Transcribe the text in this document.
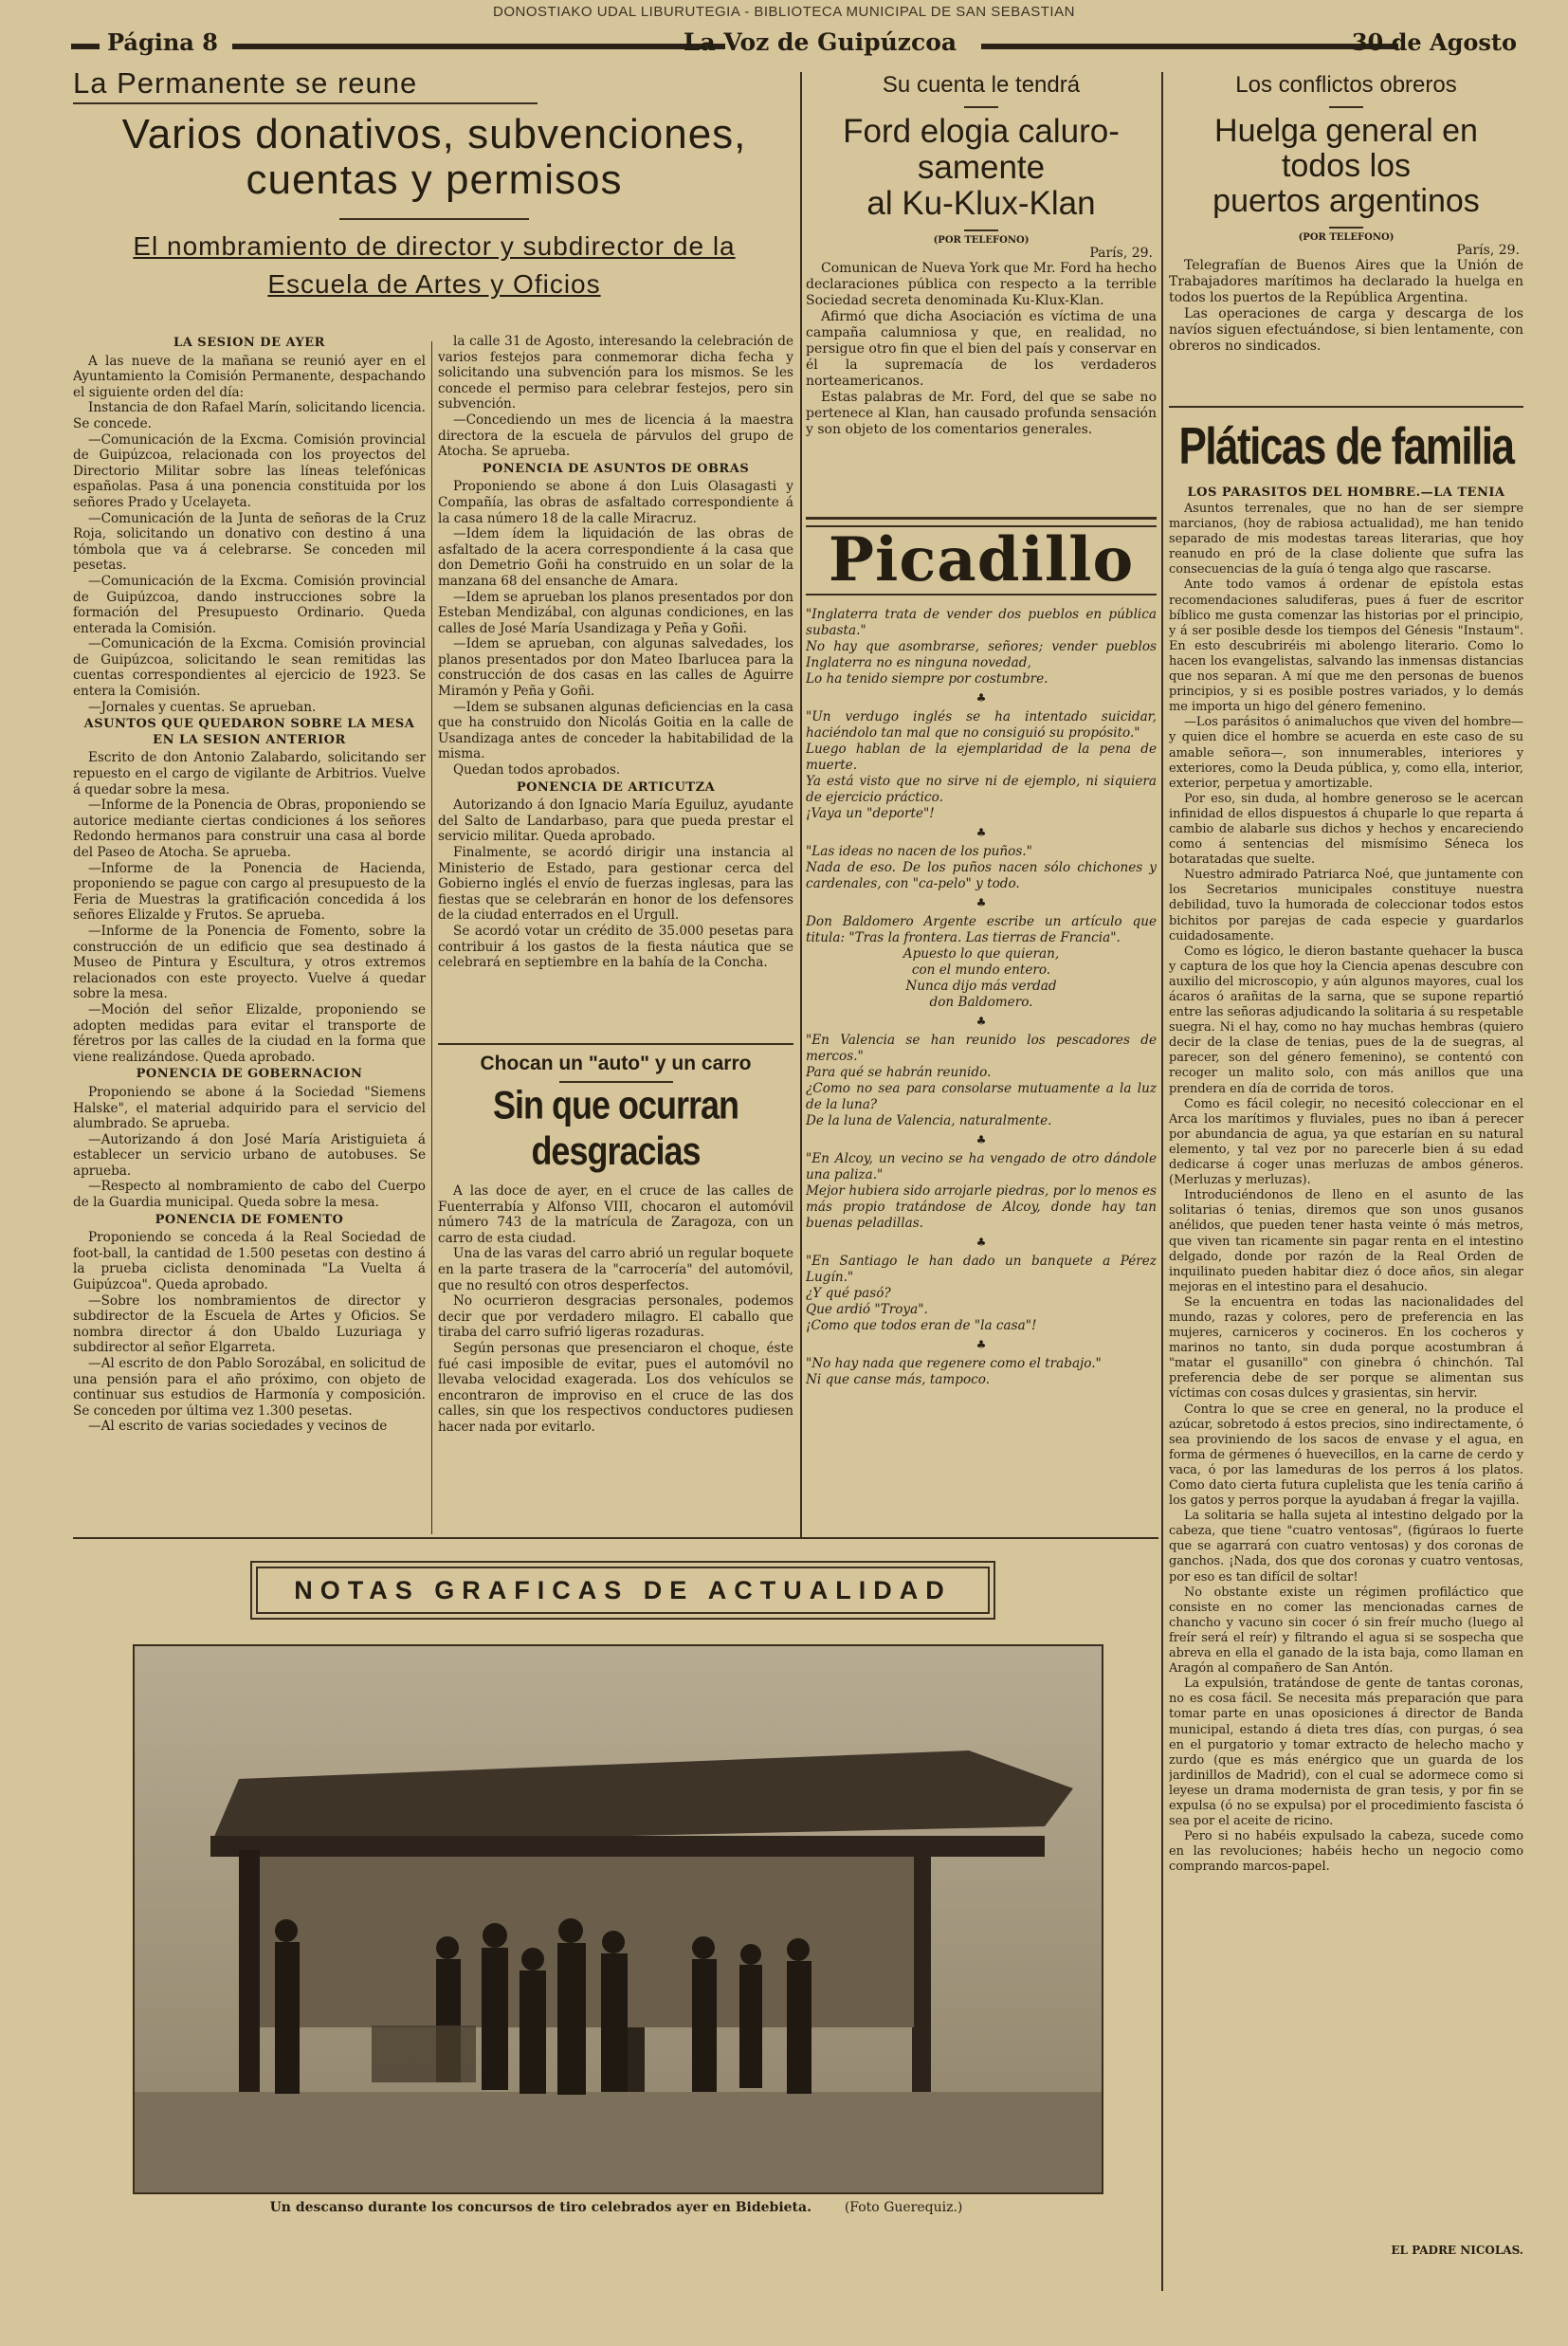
DONOSTIAKO UDAL LIBURUTEGIA - BIBLIOTECA MUNICIPAL DE SAN SEBASTIAN
Página 8	La Voz de Guipúzcoa	30 de Agosto
La Permanente se reune
Varios donativos, subvenciones,
cuentas y permisos
El nombramiento de director y subdirector de la
Escuela de Artes y Oficios
LA SESION DE AYER

A las nueve de la mañana se reunió ayer en el Ayuntamiento la Comisión Permanente, despachando el siguiente orden del día:

Instancia de don Rafael Marín, solicitando licencia. Se concede.

—Comunicación de la Excma. Comisión provincial de Guipúzcoa, relacionada con los proyectos del Directorio Militar sobre las líneas telefónicas españolas. Pasa á una ponencia constituida por los señores Prado y Ucelayeta.

—Comunicación de la Junta de señoras de la Cruz Roja, solicitando un donativo con destino á una tómbola que va á celebrarse. Se conceden mil pesetas.

—Comunicación de la Excma. Comisión provincial de Guipúzcoa, dando instrucciones sobre la formación del Presupuesto Ordinario. Queda enterada la Comisión.

—Comunicación de la Excma. Comisión provincial de Guipúzcoa, solicitando le sean remitidas las cuentas correspondientes al ejercicio de 1923. Se entera la Comisión.

—Jornales y cuentas. Se aprueban.

ASUNTOS QUE QUEDARON SOBRE LA MESA EN LA SESION ANTERIOR

Escrito de don Antonio Zalabardo, solicitando ser repuesto en el cargo de vigilante de Arbitrios. Vuelve á quedar sobre la mesa.

—Informe de la Ponencia de Obras, proponiendo se autorice mediante ciertas condiciones á los señores Redondo hermanos para construir una casa al borde del Paseo de Atocha. Se aprueba.

—Informe de la Ponencia de Hacienda, proponiendo se pague con cargo al presupuesto de la Feria de Muestras la gratificación concedida á los señores Elizalde y Frutos. Se aprueba.

—Informe de la Ponencia de Fomento, sobre la construcción de un edificio que sea destinado á Museo de Pintura y Escultura, y otros extremos relacionados con este proyecto. Vuelve á quedar sobre la mesa.

—Moción del señor Elizalde, proponiendo se adopten medidas para evitar el transporte de féretros por las calles de la ciudad en la forma que viene realizándose. Queda aprobado.

PONENCIA DE GOBERNACION

Proponiendo se abone á la Sociedad "Siemens Halske", el material adquirido para el servicio del alumbrado. Se aprueba.

—Autorizando á don José María Aristiguieta á establecer un servicio urbano de autobuses. Se aprueba.

—Respecto al nombramiento de cabo del Cuerpo de la Guardia municipal. Queda sobre la mesa.

PONENCIA DE FOMENTO

Proponiendo se conceda á la Real Sociedad de foot-ball, la cantidad de 1.500 pesetas con destino á la prueba ciclista denominada "La Vuelta á Guipúzcoa". Queda aprobado.

—Sobre los nombramientos de director y subdirector de la Escuela de Artes y Oficios. Se nombra director á don Ubaldo Luzuriaga y subdirector al señor Elgarreta.

—Al escrito de don Pablo Sorozábal, en solicitud de una pensión para el año próximo, con objeto de continuar sus estudios de Harmonía y composición. Se conceden por última vez 1.300 pesetas.

—Al escrito de varias sociedades y vecinos de

la calle 31 de Agosto, interesando la celebración de varios festejos para conmemorar dicha fecha y solicitando una subvención para los mismos. Se les concede el permiso para celebrar festejos, pero sin subvención.

—Concediendo un mes de licencia á la maestra directora de la escuela de párvulos del grupo de Atocha. Se aprueba.

PONENCIA DE ASUNTOS DE OBRAS

Proponiendo se abone á don Luis Olasagasti y Compañía, las obras de asfaltado correspondiente á la casa número 18 de la calle Miracruz.

—Idem ídem la liquidación de las obras de asfaltado de la acera correspondiente á la casa que don Demetrio Goñi ha construido en un solar de la manzana 68 del ensanche de Amara.

—Idem se aprueban los planos presentados por don Esteban Mendizábal, con algunas condiciones, en las calles de José María Usandizaga y Peña y Goñi.

—Idem se aprueban, con algunas salvedades, los planos presentados por don Mateo Ibarlucea para la construcción de dos casas en las calles de Aguirre Miramón y Peña y Goñi.

—Idem se subsanen algunas deficiencias en la casa que ha construido don Nicolás Goitia en la calle de Usandizaga antes de conceder la habitabilidad de la misma.

Quedan todos aprobados.

PONENCIA DE ARTICUTZA

Autorizando á don Ignacio María Eguiluz, ayudante del Salto de Landarbaso, para que pueda prestar el servicio militar. Queda aprobado.

Finalmente, se acordó dirigir una instancia al Ministerio de Estado, para gestionar cerca del Gobierno inglés el envío de fuerzas inglesas, para las fiestas que se celebrarán en honor de los defensores de la ciudad enterrados en el Urgull.

Se acordó votar un crédito de 35.000 pesetas para contribuir á los gastos de la fiesta náutica que se celebrará en septiembre en la bahía de la Concha.

Chocan un "auto" y un carro
Sin que ocurran desgracias

A las doce de ayer, en el cruce de las calles de Fuenterrabía y Alfonso VIII, chocaron el automóvil número 743 de la matrícula de Zaragoza, con un carro de esta ciudad.

Una de las varas del carro abrió un regular boquete en la parte trasera de la "carrocería" del automóvil, que no resultó con otros desperfectos.

No ocurrieron desgracias personales, podemos decir que por verdadero milagro. El caballo que tiraba del carro sufrió ligeras rozaduras.

Según personas que presenciaron el choque, éste fué casi imposible de evitar, pues el automóvil no llevaba velocidad exagerada. Los dos vehículos se encontraron de improviso en el cruce de las dos calles, sin que los respectivos conductores pudiesen hacer nada por evitarlo.

Su cuenta le tendrá
Ford elogia caluro-
samente
al Ku-Klux-Klan
(POR TELEFONO)
París, 29.

Comunican de Nueva York que Mr. Ford ha hecho declaraciones pública con respecto a la terrible Sociedad secreta denominada Ku-Klux-Klan.

Afirmó que dicha Asociación es víctima de una campaña calumniosa y que, en realidad, no persigue otro fin que el bien del país y conservar en él la supremacía de los verdaderos norteamericanos.

Estas palabras de Mr. Ford, del que se sabe no pertenece al Klan, han causado profunda sensación y son objeto de los comentarios generales.

Picadillo

"Inglaterra trata de vender dos pueblos en pública subasta."

No hay que asombrarse, señores; vender pueblos Inglaterra no es ninguna novedad,

Lo ha tenido siempre por costumbre.

♣

"Un verdugo inglés se ha intentado suicidar, haciéndolo tan mal que no consiguió su propósito."

Luego hablan de la ejemplaridad de la pena de muerte.

Ya está visto que no sirve ni de ejemplo, ni siquiera de ejercicio práctico.

¡Vaya un "deporte"!

♣

"Las ideas no nacen de los puños."

Nada de eso. De los puños nacen sólo chichones y cardenales, con "ca-pelo" y todo.

♣

Don Baldomero Argente escribe un artículo que titula: "Tras la frontera. Las tierras de Francia".

Apuesto lo que quieran,

con el mundo entero.

Nunca dijo más verdad

don Baldomero.

♣

"En Valencia se han reunido los pescadores de mercos."

Para qué se habrán reunido.

¿Como no sea para consolarse mutuamente a la luz de la luna?

De la luna de Valencia, naturalmente.

♣

"En Alcoy, un vecino se ha vengado de otro dándole una paliza."

Mejor hubiera sido arrojarle piedras, por lo menos es más propio tratándose de Alcoy, donde hay tan buenas peladillas.

♣

"En Santiago le han dado un banquete a Pérez Lugín."

¿Y qué pasó?

Que ardió "Troya".

¡Como que todos eran de "la casa"!

♣

"No hay nada que regenere como el trabajo."

Ni que canse más, tampoco.

Los conflictos obreros
Huelga general en
todos los
puertos argentinos
(POR TELEFONO)
París, 29.

Telegrafían de Buenos Aires que la Unión de Trabajadores marítimos ha declarado la huelga en todos los puertos de la República Argentina.

Las operaciones de carga y descarga de los navíos siguen efectuándose, si bien lentamente, con obreros no sindicados.

Pláticas de familia
LOS PARASITOS DEL HOMBRE.—LA TENIA

Asuntos terrenales, que no han de ser siempre marcianos, (hoy de rabiosa actualidad), me han tenido separado de mis modestas tareas literarias, que hoy reanudo en pró de la clase doliente que sufra las consecuencias de la guía ó tenga algo que rascarse.

Ante todo vamos á ordenar de epístola estas recomendaciones saludiferas, pues á fuer de escritor bíblico me gusta comenzar las historias por el principio, y á ser posible desde los tiempos del Génesis "Instaum". En esto descubriréis mi abolengo literario. Como lo hacen los evangelistas, salvando las inmensas distancias que nos separan. A mí que me den personas de buenos principios, y si es posible postres variados, y lo demás me importa un higo del género femenino.

—Los parásitos ó animaluchos que viven del hombre—y quien dice el hombre se acuerda en este caso de su amable señora—, son innumerables, interiores y exteriores, como la Deuda pública, y, como ella, interior, exterior, perpetua y amortizable.

Por eso, sin duda, al hombre generoso se le acercan infinidad de ellos dispuestos á chuparle lo que reparta á cambio de alabarle sus dichos y hechos y encareciendo como á sentencias del mismísimo Séneca los botaratadas que suelte.

Nuestro admirado Patriarca Noé, que juntamente con los Secretarios municipales constituye nuestra debilidad, tuvo la humorada de coleccionar todos estos bichitos por parejas de cada especie y guardarlos cuidadosamente.

Como es lógico, le dieron bastante quehacer la busca y captura de los que hoy la Ciencia apenas descubre con auxilio del microscopio, y aún algunos mayores, cual los ácaros ó arañitas de la sarna, que se supone repartió entre las señoras adjudicando la solitaria á su respetable suegra. Ni el hay, como no hay muchas hembras (quiero decir de la clase de tenias, pues de la de suegras, al parecer, son del género femenino), se contentó con recoger un malito solo, con más anillos que una prendera en día de corrida de toros.

Como es fácil colegir, no necesitó coleccionar en el Arca los marítimos y fluviales, pues no iban á perecer por abundancia de agua, ya que estarían en su natural elemento, y tal vez por no parecerle bien á su edad dedicarse á coger unas merluzas de ambos géneros. (Merluzas y merluzas).

Introduciéndonos de lleno en el asunto de las solitarias ó tenias, diremos que son unos gusanos anélidos, que pueden tener hasta veinte ó más metros, que viven tan ricamente sin pagar renta en el intestino delgado, donde por razón de la Real Orden de inquilinato pueden habitar diez ó doce años, sin alegar mejoras en el intestino para el desahucio.

Se la encuentra en todas las nacionalidades del mundo, razas y colores, pero de preferencia en las mujeres, carniceros y cocineros. En los cocheros y marinos no tanto, sin duda porque acostumbran á "matar el gusanillo" con ginebra ó chinchón. Tal preferencia debe de ser porque se alimentan sus víctimas con cosas dulces y grasientas, sin hervir.

Contra lo que se cree en general, no la produce el azúcar, sobretodo á estos precios, sino indirectamente, ó sea proviniendo de los sacos de envase y el agua, en forma de gérmenes ó huevecillos, en la carne de cerdo y vaca, ó por las lameduras de los perros á los platos. Como dato cierta futura cuplelista que les tenía cariño á los gatos y perros porque la ayudaban á fregar la vajilla.

La solitaria se halla sujeta al intestino delgado por la cabeza, que tiene "cuatro ventosas", (figúraos lo fuerte que se agarrará con cuatro ventosas) y dos coronas de ganchos. ¡Nada, dos que dos coronas y cuatro ventosas, por eso es tan difícil de soltar!

No obstante existe un régimen profiláctico que consiste en no comer las mencionadas carnes de chancho y vacuno sin cocer ó sin freír mucho (luego al freír será el reír) y filtrando el agua si se sospecha que abreva en ella el ganado de la ista baja, como llaman en Aragón al compañero de San Antón.

La expulsión, tratándose de gente de tantas coronas, no es cosa fácil. Se necesita más preparación que para tomar parte en unas oposiciones á director de Banda municipal, estando á dieta tres días, con purgas, ó sea en el purgatorio y tomar extracto de helecho macho y zurdo (que es más enérgico que un guarda de los jardinillos de Madrid), con el cual se adormece como si leyese un drama modernista de gran tesis, y por fin se expulsa (ó no se expulsa) por el procedimiento fascista ó sea por el aceite de ricino.

Pero si no habéis expulsado la cabeza, sucede como en las revoluciones; habéis hecho un negocio como comprando marcos-papel.

EL PADRE NICOLAS.
NOTAS GRAFICAS DE ACTUALIDAD
Un descanso durante los concursos de tiro celebrados ayer en Bidebieta. (Foto Guerequiz.)
